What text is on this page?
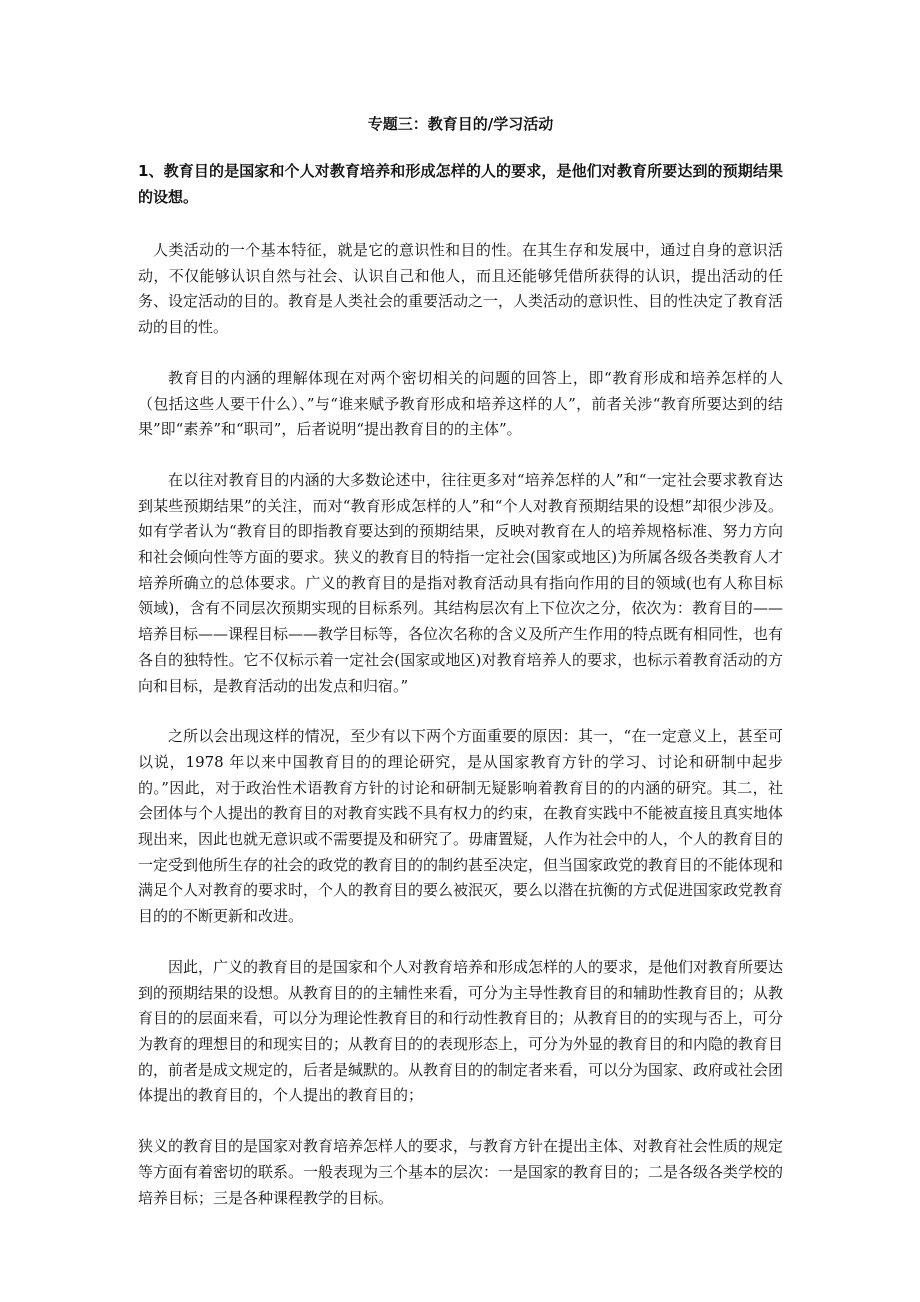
专题三：教育目的/学习活动
1、教育目的是国家和个人对教育培养和形成怎样的人的要求，是他们对教育所要达到的预期结果的设想。

人类活动的一个基本特征，就是它的意识性和目的性。在其生存和发展中，通过自身的意识活动，不仅能够认识自然与社会、认识自己和他人，而且还能够凭借所获得的认识，提出活动的任务、设定活动的目的。教育是人类社会的重要活动之一，人类活动的意识性、目的性决定了教育活动的目的性。

教育目的内涵的理解体现在对两个密切相关的问题的回答上，即“教育形成和培养怎样的人（包括这些人要干什么）、”与“谁来赋予教育形成和培养这样的人”，前者关涉“教育所要达到的结果”即“素养”和“职司”，后者说明“提出教育目的的主体”。

在以往对教育目的内涵的大多数论述中，往往更多对“培养怎样的人”和“一定社会要求教育达到某些预期结果”的关注，而对“教育形成怎样的人”和“个人对教育预期结果的设想”却很少涉及。如有学者认为“教育目的即指教育要达到的预期结果，反映对教育在人的培养规格标准、努力方向和社会倾向性等方面的要求。狭义的教育目的特指一定社会(国家或地区)为所属各级各类教育人才培养所确立的总体要求。广义的教育目的是指对教育活动具有指向作用的目的领域(也有人称目标领域)，含有不同层次预期实现的目标系列。其结构层次有上下位次之分，依次为：教育目的——培养目标——课程目标——教学目标等，各位次名称的含义及所产生作用的特点既有相同性，也有各自的独特性。它不仅标示着一定社会(国家或地区)对教育培养人的要求，也标示着教育活动的方向和目标，是教育活动的出发点和归宿。”

之所以会出现这样的情况，至少有以下两个方面重要的原因：其一，“在一定意义上，甚至可以说，1978 年以来中国教育目的的理论研究，是从国家教育方针的学习、讨论和研制中起步的。”因此，对于政治性术语教育方针的讨论和研制无疑影响着教育目的的内涵的研究。其二，社会团体与个人提出的教育目的对教育实践不具有权力的约束，在教育实践中不能被直接且真实地体现出来，因此也就无意识或不需要提及和研究了。毋庸置疑，人作为社会中的人，个人的教育目的一定受到他所生存的社会的政党的教育目的的制约甚至决定，但当国家政党的教育目的不能体现和满足个人对教育的要求时，个人的教育目的要么被泯灭，要么以潜在抗衡的方式促进国家政党教育目的的不断更新和改进。

因此，广义的教育目的是国家和个人对教育培养和形成怎样的人的要求，是他们对教育所要达到的预期结果的设想。从教育目的的主辅性来看，可分为主导性教育目的和辅助性教育目的；从教育目的的层面来看，可以分为理论性教育目的和行动性教育目的；从教育目的的实现与否上，可分为教育的理想目的和现实目的；从教育目的的表现形态上，可分为外显的教育目的和内隐的教育目的，前者是成文规定的，后者是缄默的。从教育目的的制定者来看，可以分为国家、政府或社会团体提出的教育目的，个人提出的教育目的；

狭义的教育目的是国家对教育培养怎样人的要求，与教育方针在提出主体、对教育社会性质的规定等方面有着密切的联系。一般表现为三个基本的层次：一是国家的教育目的；二是各级各类学校的培养目标；三是各种课程教学的目标。
